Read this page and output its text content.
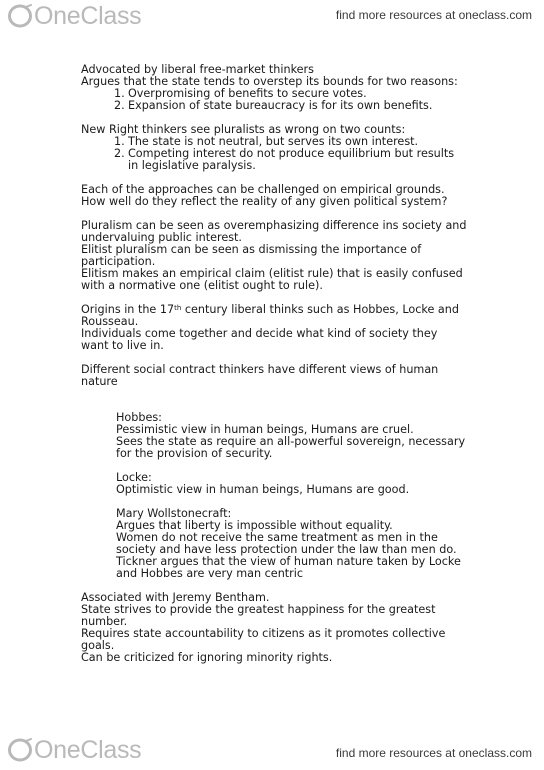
OneClass	find more resources at oneclass.com
Advocated by liberal free-market thinkers
Argues that the state tends to overstep its bounds for two reasons:
1. Overpromising of benefits to secure votes.
2. Expansion of state bureaucracy is for its own benefits.
New Right thinkers see pluralists as wrong on two counts:
1. The state is not neutral, but serves its own interest.
2. Competing interest do not produce equilibrium but results
in legislative paralysis.
Each of the approaches can be challenged on empirical grounds.
How well do they reflect the reality of any given political system?
Pluralism can be seen as overemphasizing difference ins society and
undervaluing public interest.
Elitist pluralism can be seen as dismissing the importance of
participation.
Elitism makes an empirical claim (elitist rule) that is easily confused
with a normative one (elitist ought to rule).
Origins in the 17th century liberal thinks such as Hobbes, Locke and
Rousseau.
Individuals come together and decide what kind of society they
want to live in.
Different social contract thinkers have different views of human
nature
Hobbes:
Pessimistic view in human beings, Humans are cruel.
Sees the state as require an all-powerful sovereign, necessary
for the provision of security.
Locke:
Optimistic view in human beings, Humans are good.
Mary Wollstonecraft:
Argues that liberty is impossible without equality.
Women do not receive the same treatment as men in the
society and have less protection under the law than men do.
Tickner argues that the view of human nature taken by Locke
and Hobbes are very man centric
Associated with Jeremy Bentham.
State strives to provide the greatest happiness for the greatest
number.
Requires state accountability to citizens as it promotes collective
goals.
Can be criticized for ignoring minority rights.
OneClass	find more resources at oneclass.com
